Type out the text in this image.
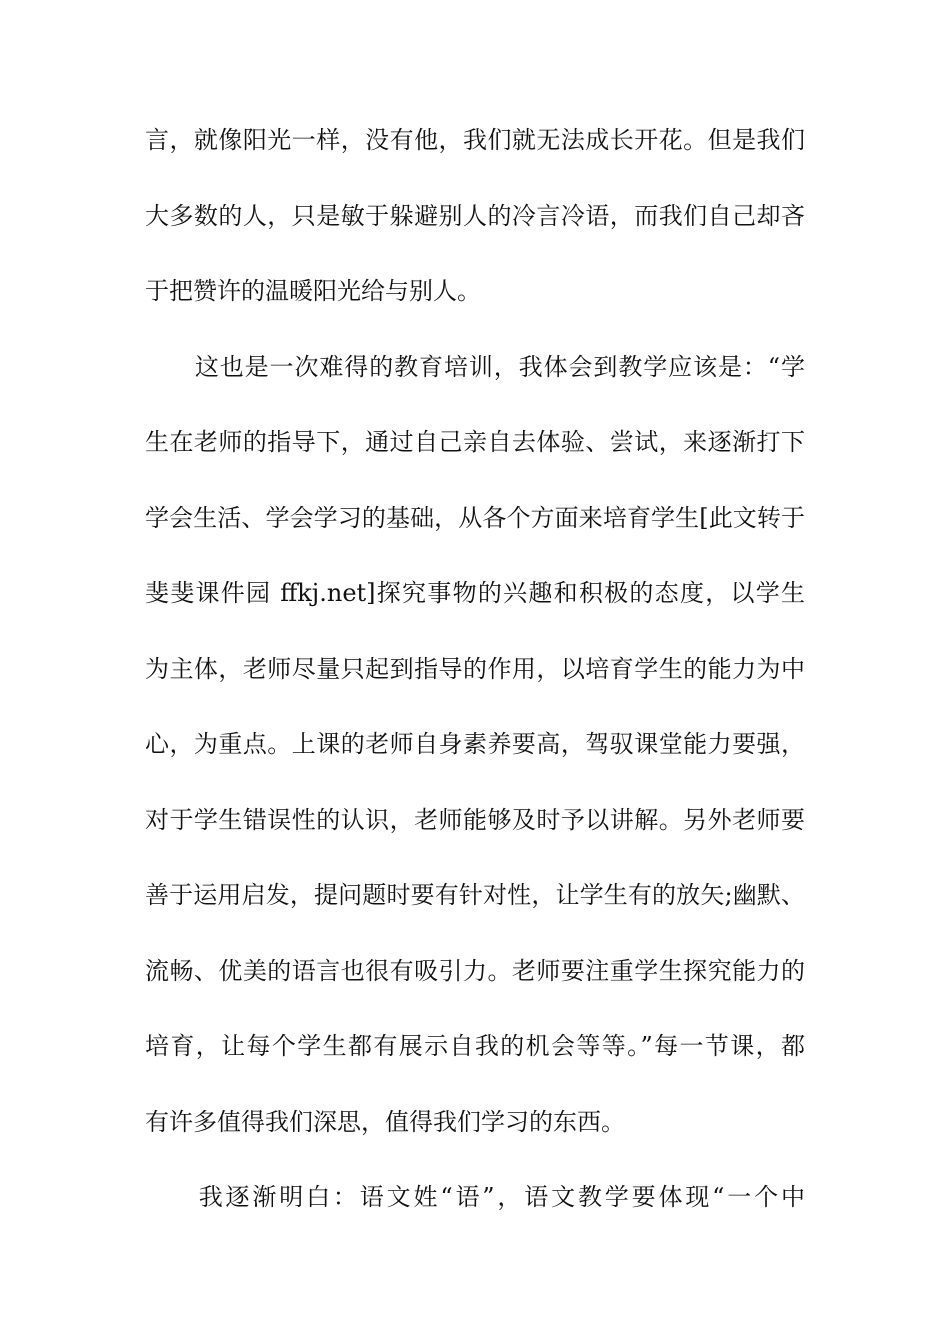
言，就像阳光一样，没有他，我们就无法成长开花。但是我们
大多数的人，只是敏于躲避别人的冷言冷语，而我们自己却吝
于把赞许的温暖阳光给与别人。
　　这也是一次难得的教育培训，我体会到教学应该是：“学
生在老师的指导下，通过自己亲自去体验、尝试，来逐渐打下
学会生活、学会学习的基础，从各个方面来培育学生[此文转于
斐斐课件园 ffkj.net]探究事物的兴趣和积极的态度，以学生
为主体，老师尽量只起到指导的作用，以培育学生的能力为中
心，为重点。上课的老师自身素养要高，驾驭课堂能力要强，
对于学生错误性的认识，老师能够及时予以讲解。另外老师要
善于运用启发，提问题时要有针对性，让学生有的放矢;幽默、
流畅、优美的语言也很有吸引力。老师要注重学生探究能力的
培育，让每个学生都有展示自我的机会等等。”每一节课，都
有许多值得我们深思，值得我们学习的东西。
　　我逐渐明白：语文姓“语”，语文教学要体现“一个中
